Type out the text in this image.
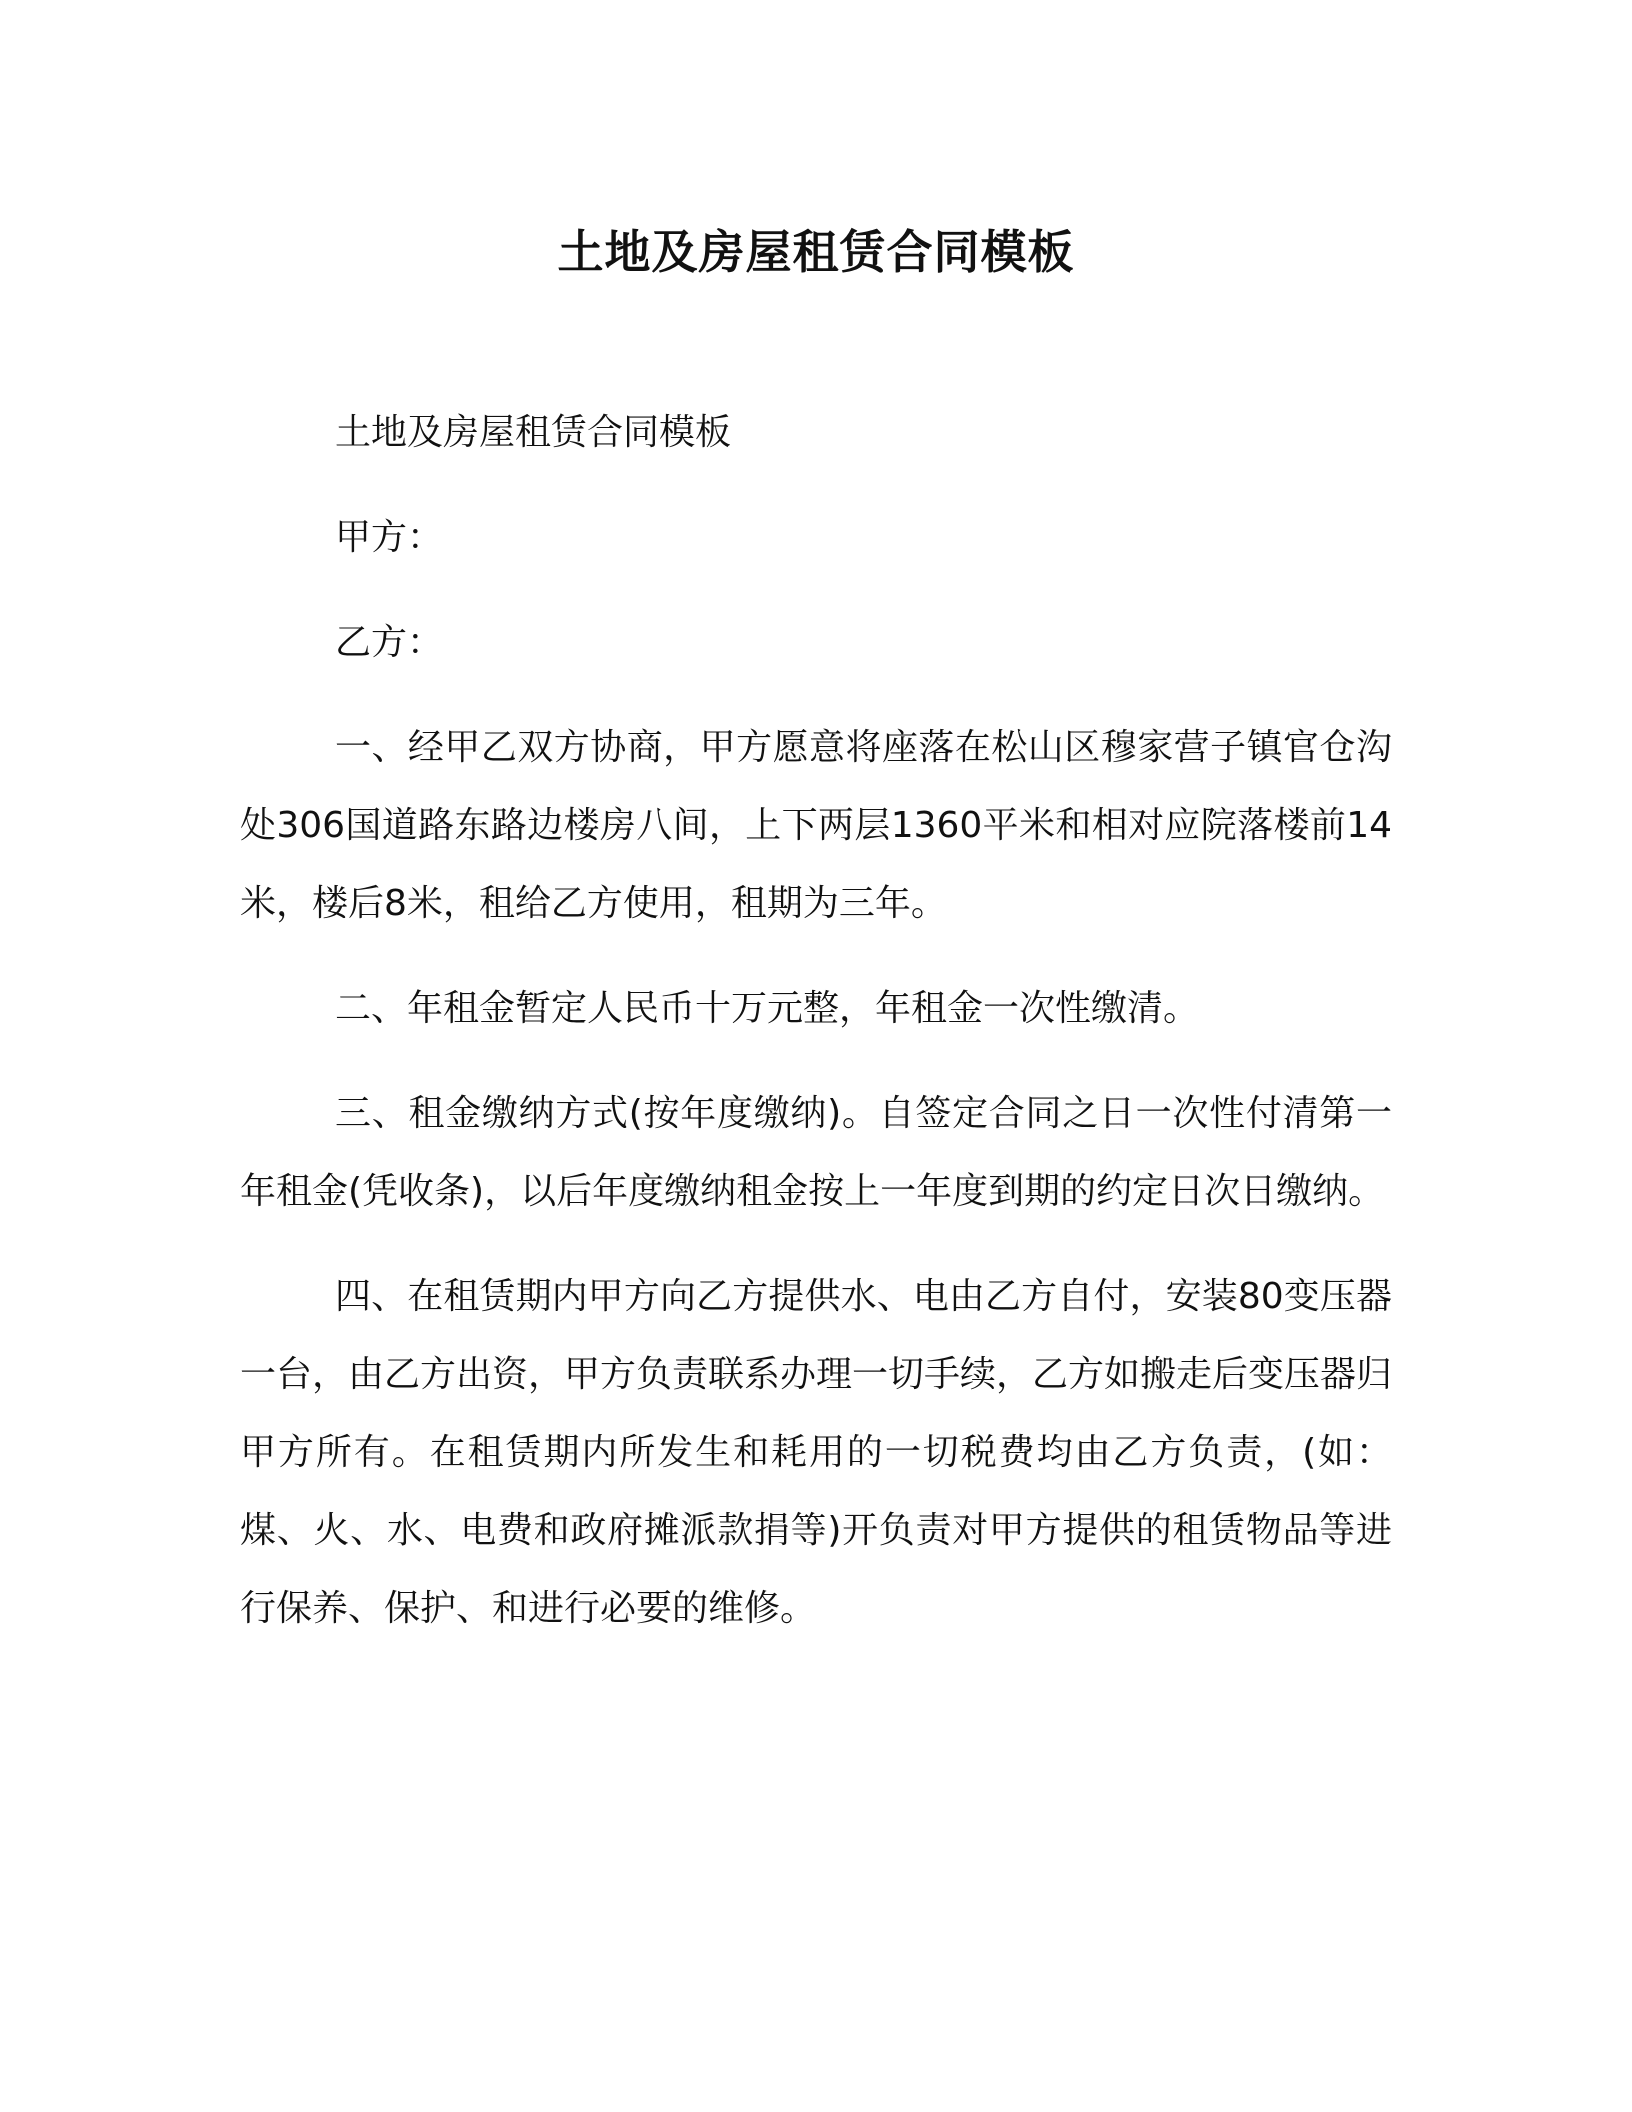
土地及房屋租赁合同模板

土地及房屋租赁合同模板

甲方：

乙方：

一、经甲乙双方协商，甲方愿意将座落在松山区穆家营子镇官仓沟处306国道路东路边楼房八间，上下两层1360平米和相对应院落楼前14米，楼后8米，租给乙方使用，租期为三年。

二、年租金暂定人民币十万元整，年租金一次性缴清。

三、租金缴纳方式(按年度缴纳)。自签定合同之日一次性付清第一年租金(凭收条)，以后年度缴纳租金按上一年度到期的约定日次日缴纳。

四、在租赁期内甲方向乙方提供水、电由乙方自付，安装80变压器一台，由乙方出资，甲方负责联系办理一切手续，乙方如搬走后变压器归甲方所有。在租赁期内所发生和耗用的一切税费均由乙方负责，(如：煤、火、水、电费和政府摊派款捐等)开负责对甲方提供的租赁物品等进行保养、保护、和进行必要的维修。
